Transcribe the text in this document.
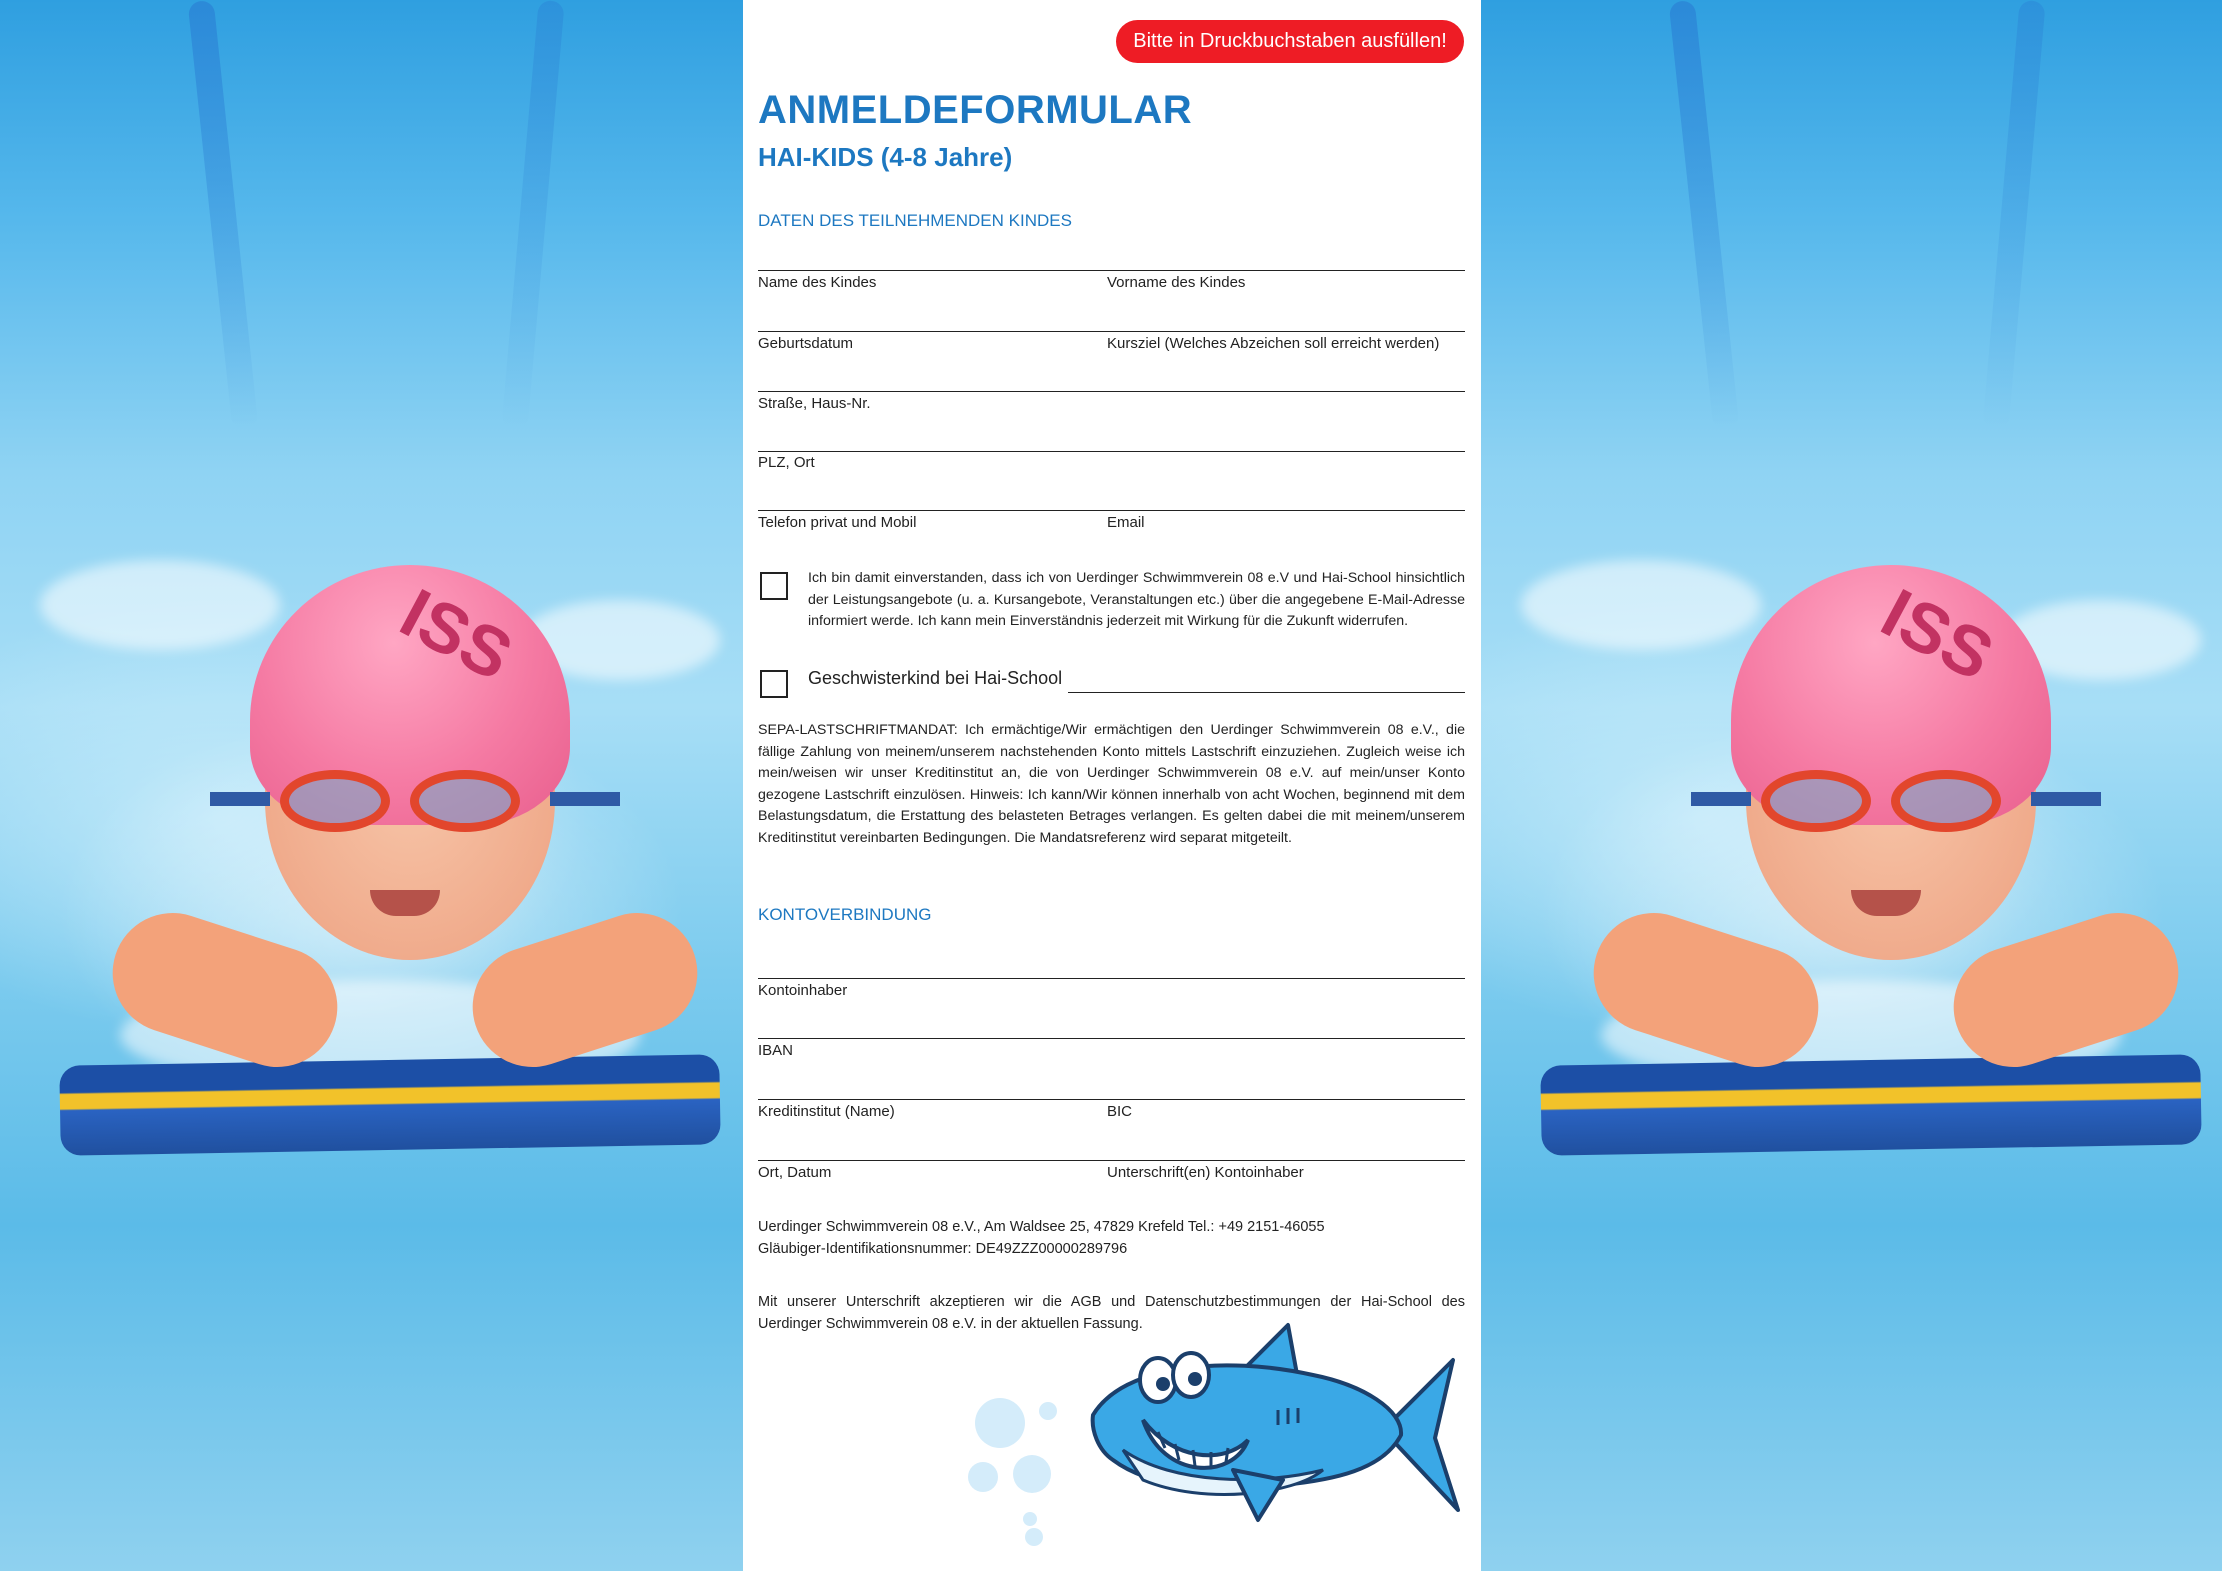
ISS	ISS
Bitte in Druckbuchstaben ausfüllen!
ANMELDEFORMULAR
HAI-KIDS (4-8 Jahre)
DATEN DES TEILNEHMENDEN KINDES
Name des Kindes	Vorname des Kindes
Geburtsdatum	Kursziel (Welches Abzeichen soll erreicht werden)
Straße, Haus-Nr.
PLZ, Ort
Telefon privat und Mobil	Email
Ich bin damit einverstanden, dass ich von Uerdinger Schwimmverein 08 e.V und Hai-School hinsichtlich der Leistungsangebote (u. a. Kursangebote, Veranstaltungen etc.) über die angegebene E-Mail-Adresse informiert werde. Ich kann mein Einverständnis jederzeit mit Wirkung für die Zukunft widerrufen.
Geschwisterkind bei Hai-School
SEPA-LASTSCHRIFTMANDAT: Ich ermächtige/Wir ermächtigen den Uerdinger Schwimmverein 08 e.V., die fällige Zahlung von meinem/unserem nachstehenden Konto mittels Lastschrift einzuziehen. Zugleich weise ich mein/weisen wir unser Kreditinstitut an, die von Uerdinger Schwimmverein 08 e.V. auf mein/unser Konto gezogene Lastschrift einzulösen. Hinweis: Ich kann/Wir können innerhalb von acht Wochen, beginnend mit dem Belastungsdatum, die Erstattung des belasteten Betrages verlangen. Es gelten dabei die mit meinem/unserem Kreditinstitut vereinbarten Bedingungen. Die Mandatsreferenz wird separat mitgeteilt.
KONTOVERBINDUNG
Kontoinhaber
IBAN
Kreditinstitut (Name)	BIC
Ort, Datum	Unterschrift(en) Kontoinhaber
Uerdinger Schwimmverein 08 e.V., Am Waldsee 25, 47829 Krefeld Tel.: +49 2151-46055
Gläubiger-Identifikationsnummer: DE49ZZZ00000289796
Mit unserer Unterschrift akzeptieren wir die AGB und Datenschutzbestimmungen der Hai-School des Uerdinger Schwimmverein 08 e.V. in der aktuellen Fassung.
